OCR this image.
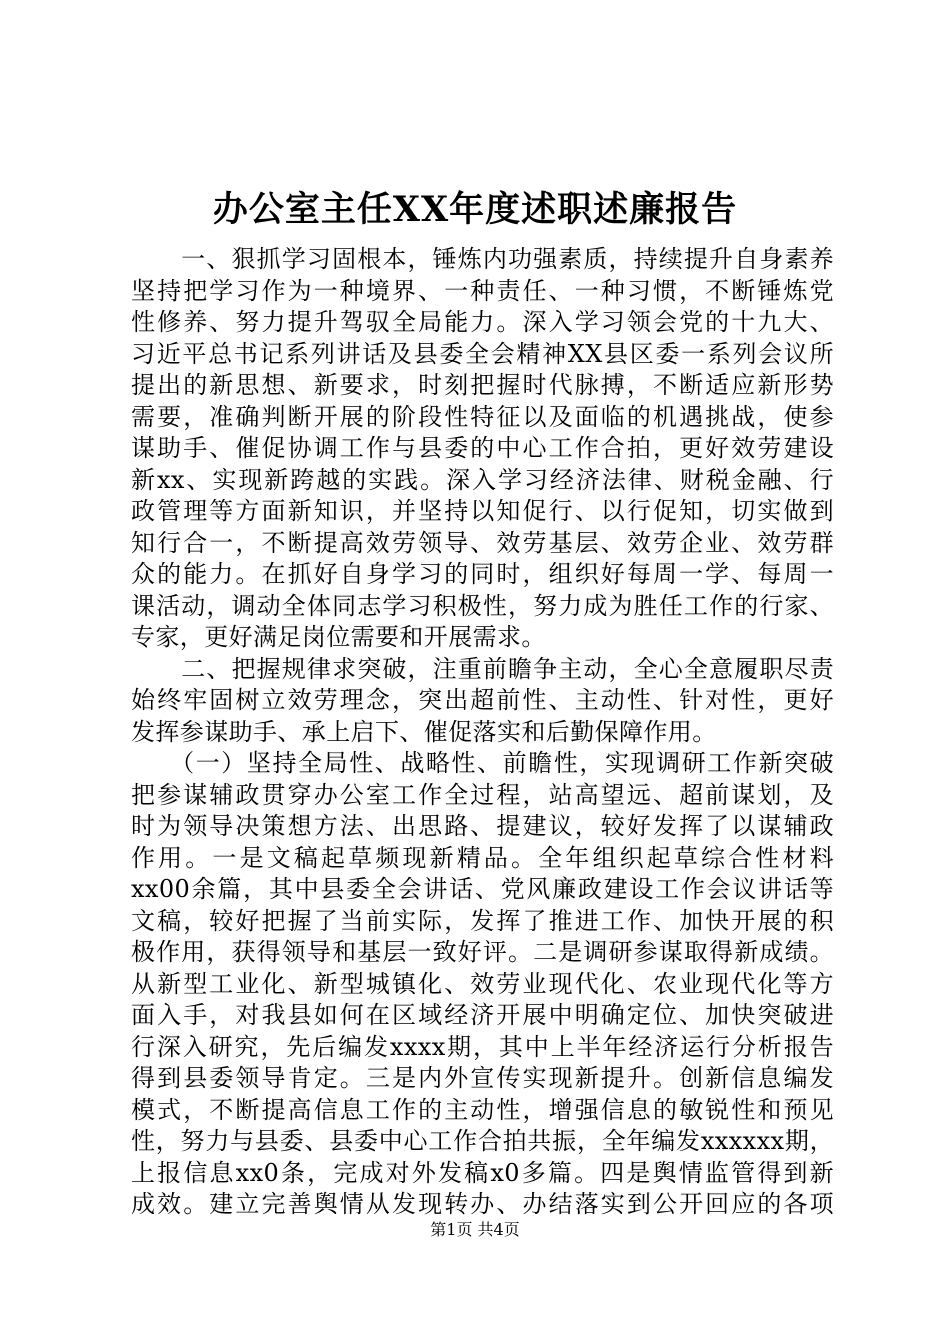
办公室主任XX年度述职述廉报告
　　一、狠抓学习固根本，锤炼内功强素质，持续提升自身素养
坚持把学习作为一种境界、一种责任、一种习惯，不断锤炼党
性修养、努力提升驾驭全局能力。深入学习领会党的十九大、
习近平总书记系列讲话及县委全会精神XX县区委一系列会议所
提出的新思想、新要求，时刻把握时代脉搏，不断适应新形势
需要，准确判断开展的阶段性特征以及面临的机遇挑战，使参
谋助手、催促协调工作与县委的中心工作合拍，更好效劳建设
新xx、实现新跨越的实践。深入学习经济法律、财税金融、行
政管理等方面新知识，并坚持以知促行、以行促知，切实做到
知行合一，不断提高效劳领导、效劳基层、效劳企业、效劳群
众的能力。在抓好自身学习的同时，组织好每周一学、每周一
课活动，调动全体同志学习积极性，努力成为胜任工作的行家、
专家，更好满足岗位需要和开展需求。
　　二、把握规律求突破，注重前瞻争主动，全心全意履职尽责
始终牢固树立效劳理念，突出超前性、主动性、针对性，更好
发挥参谋助手、承上启下、催促落实和后勤保障作用。
　　（一）坚持全局性、战略性、前瞻性，实现调研工作新突破
把参谋辅政贯穿办公室工作全过程，站高望远、超前谋划，及
时为领导决策想方法、出思路、提建议，较好发挥了以谋辅政
作用。一是文稿起草频现新精品。全年组织起草综合性材料
xx00余篇，其中县委全会讲话、党风廉政建设工作会议讲话等
文稿，较好把握了当前实际，发挥了推进工作、加快开展的积
极作用，获得领导和基层一致好评。二是调研参谋取得新成绩。
从新型工业化、新型城镇化、效劳业现代化、农业现代化等方
面入手，对我县如何在区域经济开展中明确定位、加快突破进
行深入研究，先后编发xxxx期，其中上半年经济运行分析报告
得到县委领导肯定。三是内外宣传实现新提升。创新信息编发
模式，不断提高信息工作的主动性，增强信息的敏锐性和预见
性，努力与县委、县委中心工作合拍共振，全年编发xxxxxx期，
上报信息xx0条，完成对外发稿x0多篇。四是舆情监管得到新
成效。建立完善舆情从发现转办、办结落实到公开回应的各项
第1页 共4页
